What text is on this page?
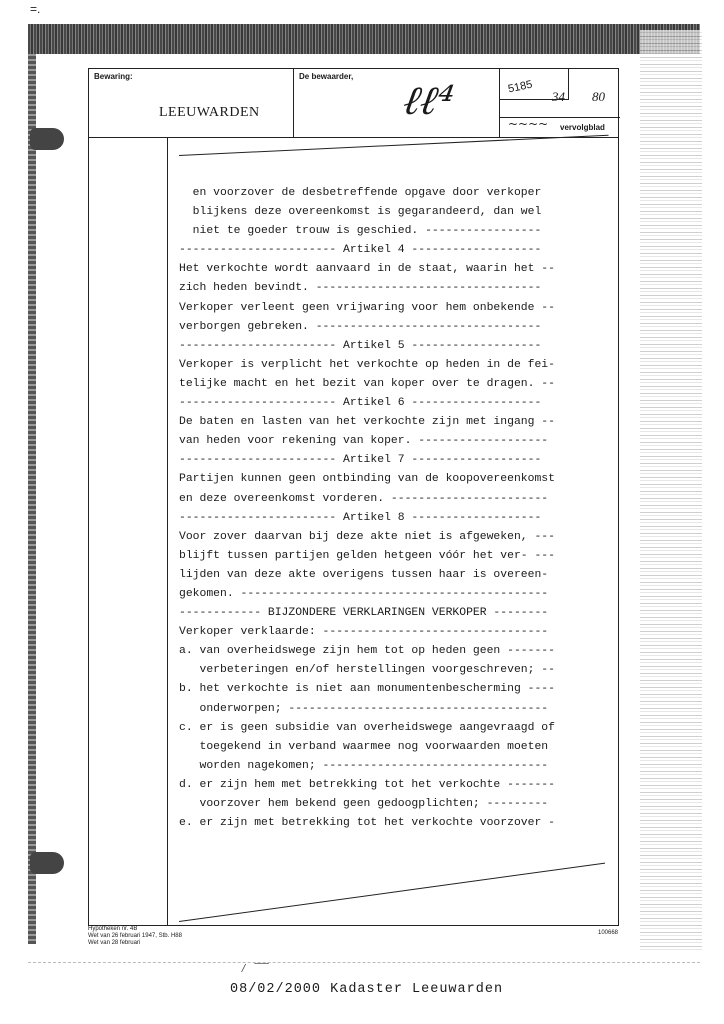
=.
Bewaring:
LEEUWARDEN
De bewaarder,
ℓℓ⁴	5185
34 80
~~~~ vervolgblad
en voorzover de desbetreffende opgave door verkoper
blijkens deze overeenkomst is gegarandeerd, dan wel
niet te goeder trouw is geschied. -----------------
----------------------- Artikel 4 -------------------
Het verkochte wordt aanvaard in de staat, waarin het --
zich heden bevindt. ---------------------------------
Verkoper verleent geen vrijwaring voor hem onbekende --
verborgen gebreken. ---------------------------------
----------------------- Artikel 5 -------------------
Verkoper is verplicht het verkochte op heden in de fei-
telijke macht en het bezit van koper over te dragen. --
----------------------- Artikel 6 -------------------
De baten en lasten van het verkochte zijn met ingang --
van heden voor rekening van koper. -------------------
----------------------- Artikel 7 -------------------
Partijen kunnen geen ontbinding van de koopovereenkomst
en deze overeenkomst vorderen. -----------------------
----------------------- Artikel 8 -------------------
Voor zover daarvan bij deze akte niet is afgeweken, ---
blijft tussen partijen gelden hetgeen vóór het ver- ---
lijden van deze akte overigens tussen haar is overeen-
gekomen. ---------------------------------------------
------------ BIJZONDERE VERKLARINGEN VERKOPER --------
Verkoper verklaarde: ---------------------------------
a. van overheidswege zijn hem tot op heden geen -------
verbeteringen en/of herstellingen voorgeschreven; --
b. het verkochte is niet aan monumentenbescherming ----
onderworpen; --------------------------------------
c. er is geen subsidie van overheidswege aangevraagd of
toegekend in verband waarmee nog voorwaarden moeten
worden nagekomen; ---------------------------------
d. er zijn hem met betrekking tot het verkochte -------
voorzover hem bekend geen gedoogplichten; ---------
e. er zijn met betrekking tot het verkochte voorzover -
Hypotheken nr. 4B
Wet van 26 februari 1947, Stb. H88
Wet van 28 februari
100668
⁄ ‾‾
08/02/2000 Kadaster Leeuwarden
